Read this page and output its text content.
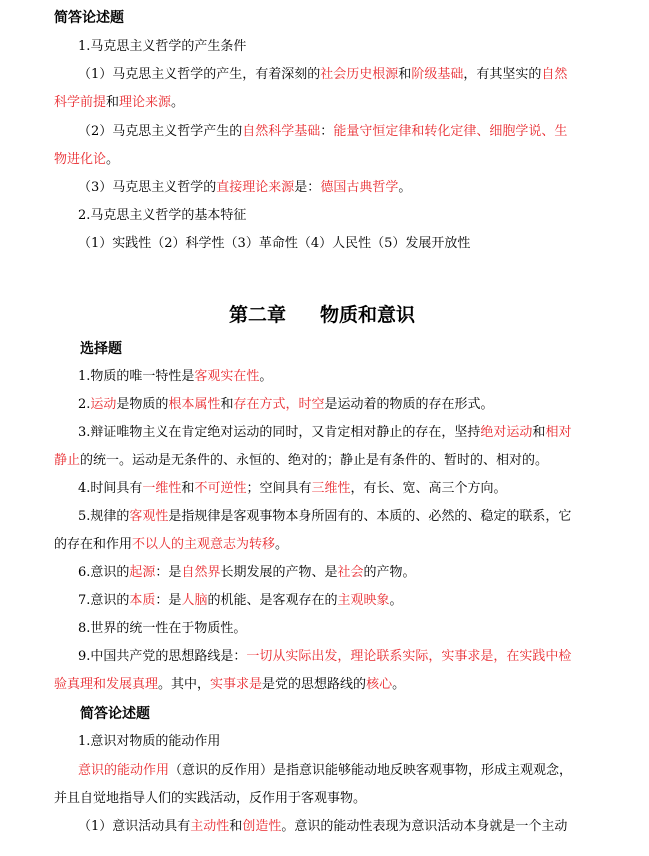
简答论述题
1.马克思主义哲学的产生条件
（1）马克思主义哲学的产生，有着深刻的社会历史根源和阶级基础，有其坚实的自然
科学前提和理论来源。
（2）马克思主义哲学产生的自然科学基础：能量守恒定律和转化定律、细胞学说、生
物进化论。
（3）马克思主义哲学的直接理论来源是：德国古典哲学。
2.马克思主义哲学的基本特征
（1）实践性（2）科学性（3）革命性（4）人民性（5）发展开放性
第二章 物质和意识
选择题
1.物质的唯一特性是客观实在性。
2.运动是物质的根本属性和存在方式，时空是运动着的物质的存在形式。
3.辩证唯物主义在肯定绝对运动的同时，又肯定相对静止的存在，坚持绝对运动和相对
静止的统一。运动是无条件的、永恒的、绝对的；静止是有条件的、暂时的、相对的。
4.时间具有一维性和不可逆性；空间具有三维性，有长、宽、高三个方向。
5.规律的客观性是指规律是客观事物本身所固有的、本质的、必然的、稳定的联系，它
的存在和作用不以人的主观意志为转移。
6.意识的起源：是自然界长期发展的产物、是社会的产物。
7.意识的本质：是人脑的机能、是客观存在的主观映象。
8.世界的统一性在于物质性。
9.中国共产党的思想路线是：一切从实际出发，理论联系实际，实事求是，在实践中检
验真理和发展真理。其中，实事求是是党的思想路线的核心。
简答论述题
1.意识对物质的能动作用
意识的能动作用（意识的反作用）是指意识能够能动地反映客观事物，形成主观观念，
并且自觉地指导人们的实践活动，反作用于客观事物。
（1）意识活动具有主动性和创造性。意识的能动性表现为意识活动本身就是一个主动
